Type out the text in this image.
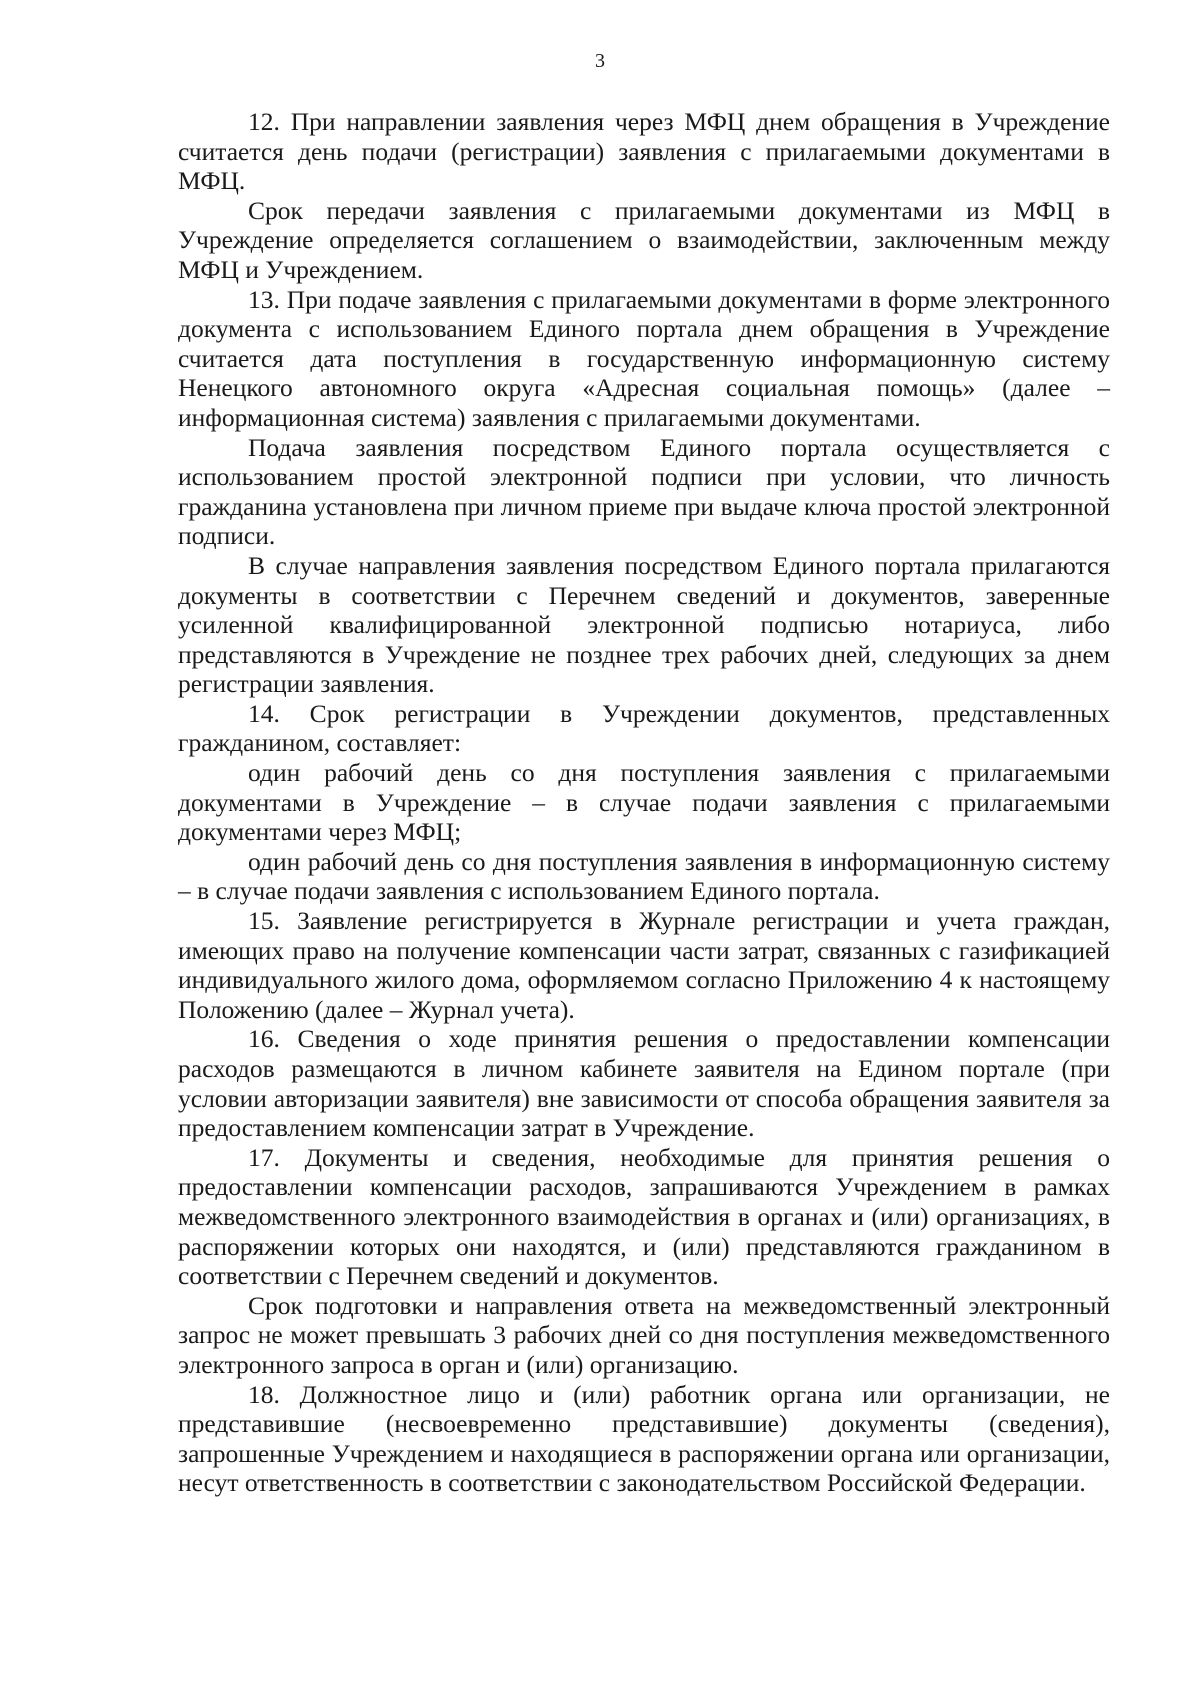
3

12. При направлении заявления через МФЦ днем обращения в Учреждение считается день подачи (регистрации) заявления с прилагаемыми документами в МФЦ.

Срок передачи заявления с прилагаемыми документами из МФЦ в Учреждение определяется соглашением о взаимодействии, заключенным между МФЦ и Учреждением.

13. При подаче заявления с прилагаемыми документами в форме электронного документа с использованием Единого портала днем обращения в Учреждение считается дата поступления в государственную информационную систему Ненецкого автономного округа «Адресная социальная помощь» (далее – информационная система) заявления с прилагаемыми документами.

Подача заявления посредством Единого портала осуществляется с использованием простой электронной подписи при условии, что личность гражданина установлена при личном приеме при выдаче ключа простой электронной подписи.

В случае направления заявления посредством Единого портала прилагаются документы в соответствии с Перечнем сведений и документов, заверенные усиленной квалифицированной электронной подписью нотариуса, либо представляются в Учреждение не позднее трех рабочих дней, следующих за днем регистрации заявления.

14. Срок регистрации в Учреждении документов, представленных гражданином, составляет:

один рабочий день со дня поступления заявления с прилагаемыми документами в Учреждение – в случае подачи заявления с прилагаемыми документами через МФЦ;

один рабочий день со дня поступления заявления в информационную систему – в случае подачи заявления с использованием Единого портала.

15. Заявление регистрируется в Журнале регистрации и учета граждан, имеющих право на получение компенсации части затрат, связанных с газификацией индивидуального жилого дома, оформляемом согласно Приложению 4 к настоящему Положению (далее – Журнал учета).

16. Сведения о ходе принятия решения о предоставлении компенсации расходов размещаются в личном кабинете заявителя на Едином портале (при условии авторизации заявителя) вне зависимости от способа обращения заявителя за предоставлением компенсации затрат в Учреждение.

17. Документы и сведения, необходимые для принятия решения о предоставлении компенсации расходов, запрашиваются Учреждением в рамках межведомственного электронного взаимодействия в органах и (или) организациях, в распоряжении которых они находятся, и (или) представляются гражданином в соответствии с Перечнем сведений и документов.

Срок подготовки и направления ответа на межведомственный электронный запрос не может превышать 3 рабочих дней со дня поступления межведомственного электронного запроса в орган и (или) организацию.

18. Должностное лицо и (или) работник органа или организации, не представившие (несвоевременно представившие) документы (сведения), запрошенные Учреждением и находящиеся в распоряжении органа или организации, несут ответственность в соответствии с законодательством Российской Федерации.
